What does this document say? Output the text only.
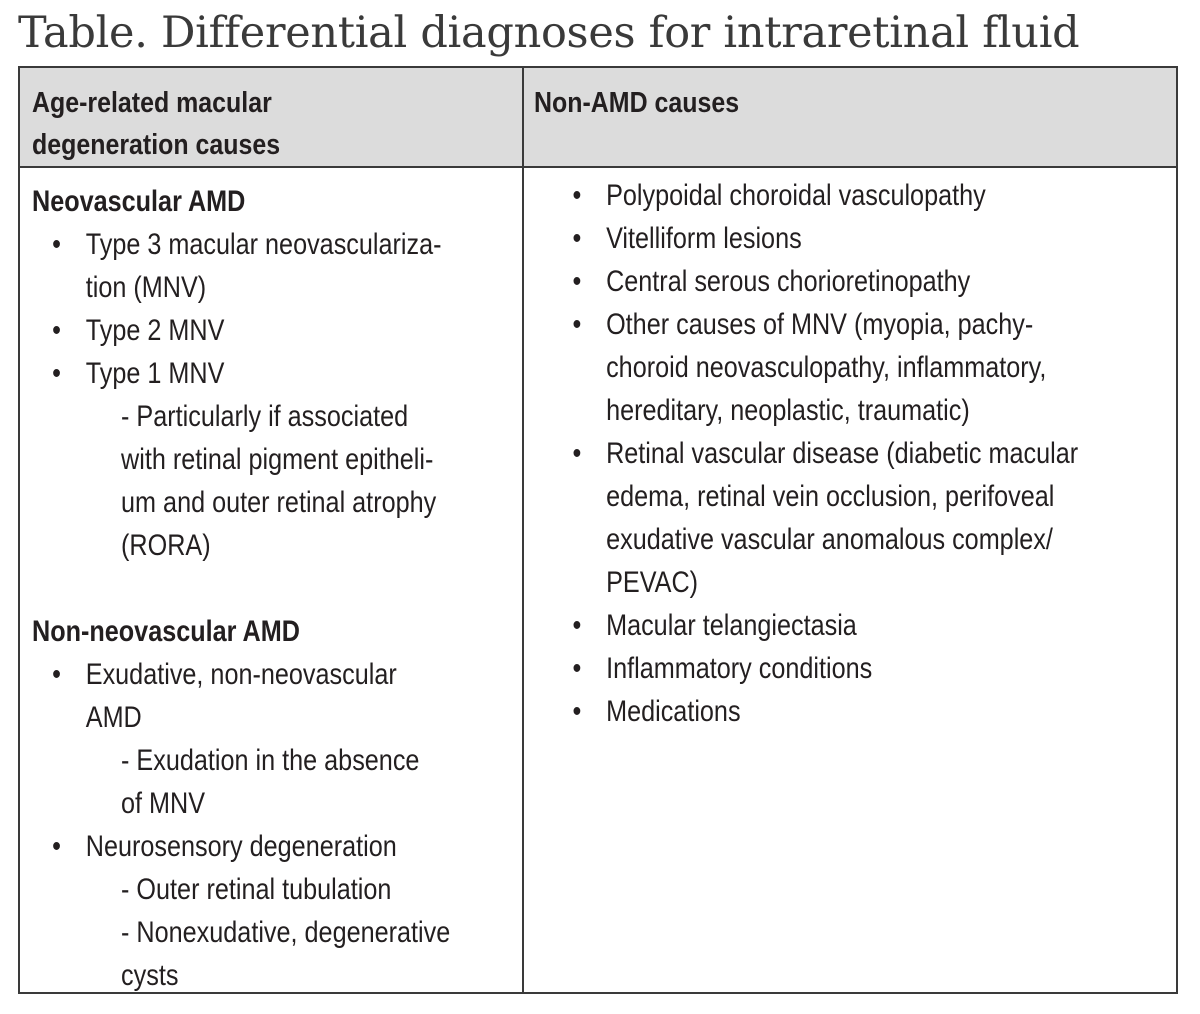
Table. Differential diagnoses for intraretinal fluid
Age-related macular
degeneration causes
Non-AMD causes
Neovascular AMD
• Type 3 macular neovasculariza-
tion (MNV)
• Type 2 MNV
• Type 1 MNV
- Particularly if associated
with retinal pigment epitheli-
um and outer retinal atrophy
(RORA)
Non-neovascular AMD
• Exudative, non-neovascular
AMD
- Exudation in the absence
of MNV
• Neurosensory degeneration
- Outer retinal tubulation
- Nonexudative, degenerative
cysts
• Polypoidal choroidal vasculopathy
• Vitelliform lesions
• Central serous chorioretinopathy
• Other causes of MNV (myopia, pachy-
choroid neovasculopathy, inflammatory,
hereditary, neoplastic, traumatic)
• Retinal vascular disease (diabetic macular
edema, retinal vein occlusion, perifoveal
exudative vascular anomalous complex/
PEVAC)
• Macular telangiectasia
• Inflammatory conditions
• Medications
